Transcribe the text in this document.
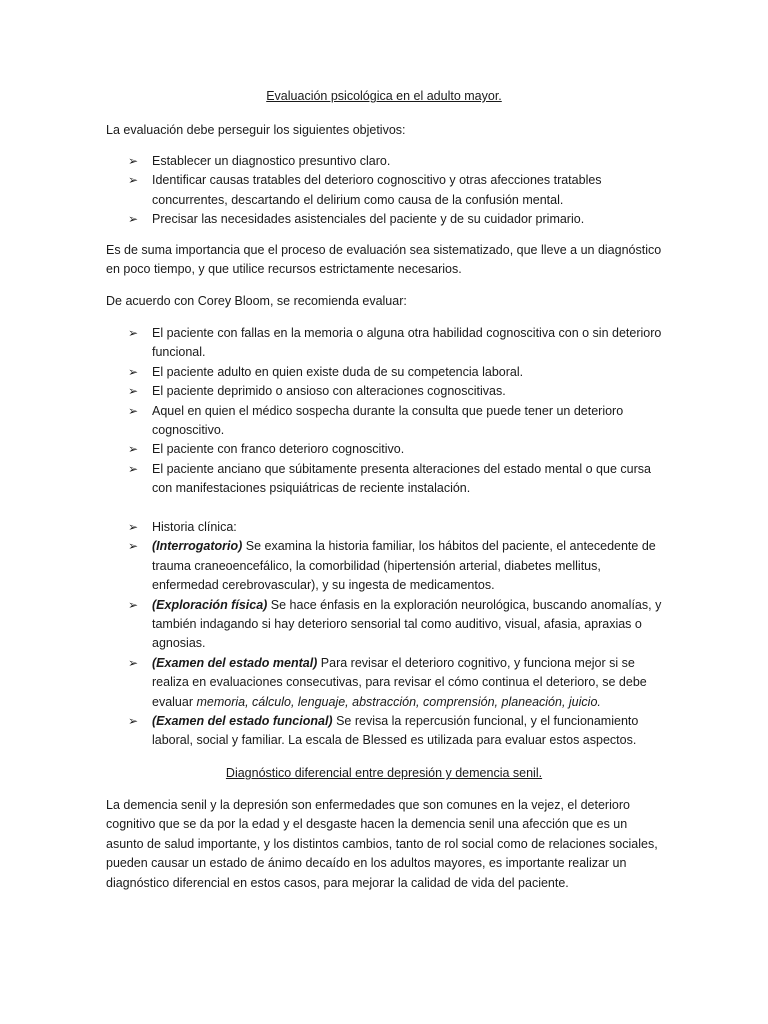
Evaluación psicológica en el adulto mayor.

La evaluación debe perseguir los siguientes objetivos:

➢ Establecer un diagnostico presuntivo claro.
➢ Identificar causas tratables del deterioro cognoscitivo y otras afecciones tratables concurrentes, descartando el delirium como causa de la confusión mental.
➢ Precisar las necesidades asistenciales del paciente y de su cuidador primario.

Es de suma importancia que el proceso de evaluación sea sistematizado, que lleve a un diagnóstico en poco tiempo, y que utilice recursos estrictamente necesarios.

De acuerdo con Corey Bloom, se recomienda evaluar:

➢ El paciente con fallas en la memoria o alguna otra habilidad cognoscitiva con o sin deterioro funcional.
➢ El paciente adulto en quien existe duda de su competencia laboral.
➢ El paciente deprimido o ansioso con alteraciones cognoscitivas.
➢ Aquel en quien el médico sospecha durante la consulta que puede tener un deterioro cognoscitivo.
➢ El paciente con franco deterioro cognoscitivo.
➢ El paciente anciano que súbitamente presenta alteraciones del estado mental o que cursa con manifestaciones psiquiátricas de reciente instalación.
➢ Historia clínica:
➢ (Interrogatorio) Se examina la historia familiar, los hábitos del paciente, el antecedente de trauma craneoencefálico, la comorbilidad (hipertensión arterial, diabetes mellitus, enfermedad cerebrovascular), y su ingesta de medicamentos.
➢ (Exploración física) Se hace énfasis en la exploración neurológica, buscando anomalías, y también indagando si hay deterioro sensorial tal como auditivo, visual, afasia, apraxias o agnosias.
➢ (Examen del estado mental) Para revisar el deterioro cognitivo, y funciona mejor si se realiza en evaluaciones consecutivas, para revisar el cómo continua el deterioro, se debe evaluar memoria, cálculo, lenguaje, abstracción, comprensión, planeación, juicio.
➢ (Examen del estado funcional) Se revisa la repercusión funcional, y el funcionamiento laboral, social y familiar. La escala de Blessed es utilizada para evaluar estos aspectos.

Diagnóstico diferencial entre depresión y demencia senil.

La demencia senil y la depresión son enfermedades que son comunes en la vejez, el deterioro cognitivo que se da por la edad y el desgaste hacen la demencia senil una afección que es un asunto de salud importante, y los distintos cambios, tanto de rol social como de relaciones sociales, pueden causar un estado de ánimo decaído en los adultos mayores, es importante realizar un diagnóstico diferencial en estos casos, para mejorar la calidad de vida del paciente.
